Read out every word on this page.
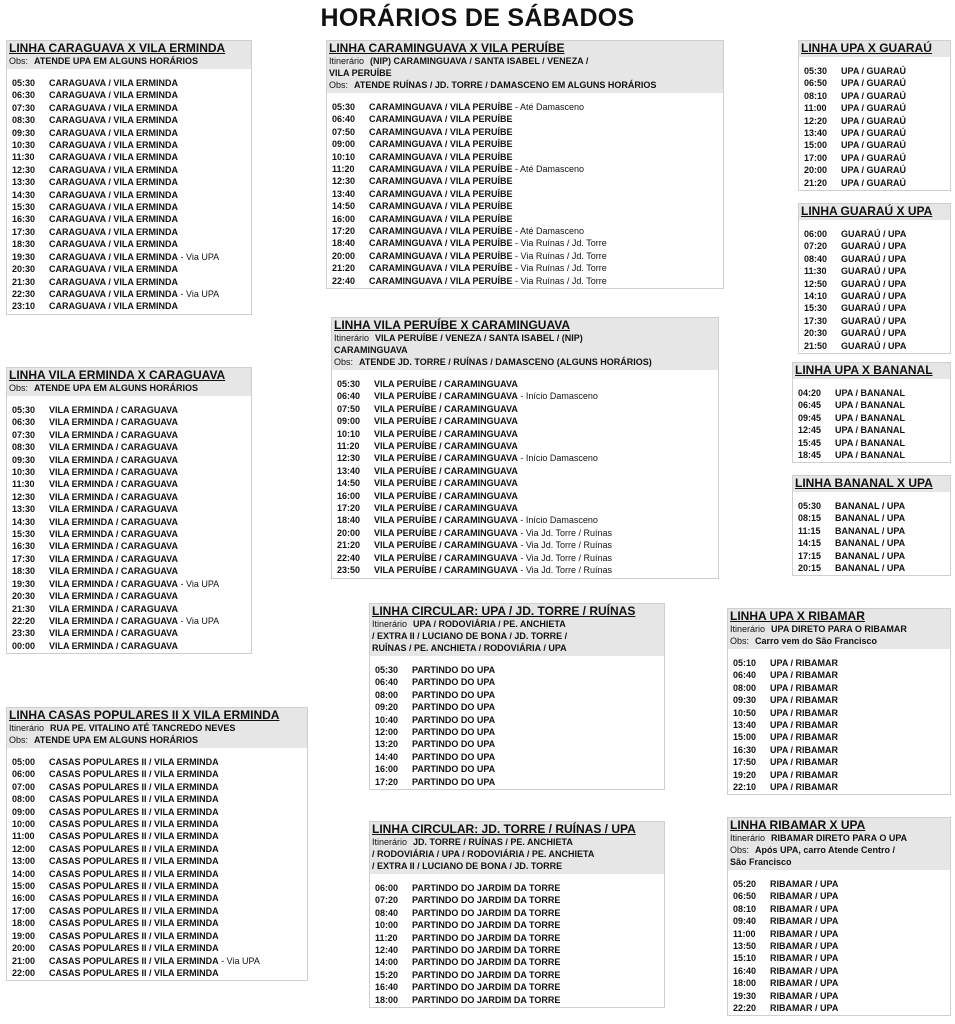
HORÁRIOS DE SÁBADOS
LINHA CARAGUAVA X VILA ERMINDA
Obs: ATENDE UPA EM ALGUNS HORÁRIOS
05:30 CARAGUAVA / VILA ERMINDA
06:30 CARAGUAVA / VILA ERMINDA
07:30 CARAGUAVA / VILA ERMINDA
08:30 CARAGUAVA / VILA ERMINDA
09:30 CARAGUAVA / VILA ERMINDA
10:30 CARAGUAVA / VILA ERMINDA
11:30 CARAGUAVA / VILA ERMINDA
12:30 CARAGUAVA / VILA ERMINDA
13:30 CARAGUAVA / VILA ERMINDA
14:30 CARAGUAVA / VILA ERMINDA
15:30 CARAGUAVA / VILA ERMINDA
16:30 CARAGUAVA / VILA ERMINDA
17:30 CARAGUAVA / VILA ERMINDA
18:30 CARAGUAVA / VILA ERMINDA
19:30 CARAGUAVA / VILA ERMINDA - Via UPA
20:30 CARAGUAVA / VILA ERMINDA
21:30 CARAGUAVA / VILA ERMINDA
22:30 CARAGUAVA / VILA ERMINDA - Via UPA
23:10 CARAGUAVA / VILA ERMINDA
LINHA VILA ERMINDA X CARAGUAVA
Obs: ATENDE UPA EM ALGUNS HORÁRIOS
05:30 VILA ERMINDA / CARAGUAVA
06:30 VILA ERMINDA / CARAGUAVA
07:30 VILA ERMINDA / CARAGUAVA
08:30 VILA ERMINDA / CARAGUAVA
09:30 VILA ERMINDA / CARAGUAVA
10:30 VILA ERMINDA / CARAGUAVA
11:30 VILA ERMINDA / CARAGUAVA
12:30 VILA ERMINDA / CARAGUAVA
13:30 VILA ERMINDA / CARAGUAVA
14:30 VILA ERMINDA / CARAGUAVA
15:30 VILA ERMINDA / CARAGUAVA
16:30 VILA ERMINDA / CARAGUAVA
17:30 VILA ERMINDA / CARAGUAVA
18:30 VILA ERMINDA / CARAGUAVA
19:30 VILA ERMINDA / CARAGUAVA - Via UPA
20:30 VILA ERMINDA / CARAGUAVA
21:30 VILA ERMINDA / CARAGUAVA
22:20 VILA ERMINDA / CARAGUAVA - Via UPA
23:30 VILA ERMINDA / CARAGUAVA
00:00 VILA ERMINDA / CARAGUAVA
LINHA CASAS POPULARES II X VILA ERMINDA
Itinerário RUA PE. VITALINO ATÉ TANCREDO NEVES
Obs: ATENDE UPA EM ALGUNS HORÁRIOS
05:00 CASAS POPULARES II / VILA ERMINDA
06:00 CASAS POPULARES II / VILA ERMINDA
07:00 CASAS POPULARES II / VILA ERMINDA
08:00 CASAS POPULARES II / VILA ERMINDA
09:00 CASAS POPULARES II / VILA ERMINDA
10:00 CASAS POPULARES II / VILA ERMINDA
11:00 CASAS POPULARES II / VILA ERMINDA
12:00 CASAS POPULARES II / VILA ERMINDA
13:00 CASAS POPULARES II / VILA ERMINDA
14:00 CASAS POPULARES II / VILA ERMINDA
15:00 CASAS POPULARES II / VILA ERMINDA
16:00 CASAS POPULARES II / VILA ERMINDA
17:00 CASAS POPULARES II / VILA ERMINDA
18:00 CASAS POPULARES II / VILA ERMINDA
19:00 CASAS POPULARES II / VILA ERMINDA
20:00 CASAS POPULARES II / VILA ERMINDA
21:00 CASAS POPULARES II / VILA ERMINDA - Via UPA
22:00 CASAS POPULARES II / VILA ERMINDA
LINHA CARAMINGUAVA X VILA PERUÍBE
Itinerário (NIP) CARAMINGUAVA / SANTA ISABEL / VENEZA /
VILA PERUÍBE
Obs: ATENDE RUÍNAS / JD. TORRE / DAMASCENO EM ALGUNS HORÁRIOS
05:30 CARAMINGUAVA / VILA PERUÍBE - Até Damasceno
06:40 CARAMINGUAVA / VILA PERUÍBE
07:50 CARAMINGUAVA / VILA PERUÍBE
09:00 CARAMINGUAVA / VILA PERUÍBE
10:10 CARAMINGUAVA / VILA PERUÍBE
11:20 CARAMINGUAVA / VILA PERUÍBE - Até Damasceno
12:30 CARAMINGUAVA / VILA PERUÍBE
13:40 CARAMINGUAVA / VILA PERUÍBE
14:50 CARAMINGUAVA / VILA PERUÍBE
16:00 CARAMINGUAVA / VILA PERUÍBE
17:20 CARAMINGUAVA / VILA PERUÍBE - Até Damasceno
18:40 CARAMINGUAVA / VILA PERUÍBE - Via Ruínas / Jd. Torre
20:00 CARAMINGUAVA / VILA PERUÍBE - Via Ruínas / Jd. Torre
21:20 CARAMINGUAVA / VILA PERUÍBE - Via Ruínas / Jd. Torre
22:40 CARAMINGUAVA / VILA PERUÍBE - Via Ruínas / Jd. Torre
LINHA VILA PERUÍBE X CARAMINGUAVA
Itinerário VILA PERUÍBE / VENEZA / SANTA ISABEL / (NIP)
CARAMINGUAVA
Obs: ATENDE JD. TORRE / RUÍNAS / DAMASCENO (ALGUNS HORÁRIOS)
05:30 VILA PERUÍBE / CARAMINGUAVA
06:40 VILA PERUÍBE / CARAMINGUAVA - Início Damasceno
07:50 VILA PERUÍBE / CARAMINGUAVA
09:00 VILA PERUÍBE / CARAMINGUAVA
10:10 VILA PERUÍBE / CARAMINGUAVA
11:20 VILA PERUÍBE / CARAMINGUAVA
12:30 VILA PERUÍBE / CARAMINGUAVA - Início Damasceno
13:40 VILA PERUÍBE / CARAMINGUAVA
14:50 VILA PERUÍBE / CARAMINGUAVA
16:00 VILA PERUÍBE / CARAMINGUAVA
17:20 VILA PERUÍBE / CARAMINGUAVA
18:40 VILA PERUÍBE / CARAMINGUAVA - Início Damasceno
20:00 VILA PERUÍBE / CARAMINGUAVA - Via Jd. Torre / Ruínas
21:20 VILA PERUÍBE / CARAMINGUAVA - Via Jd. Torre / Ruínas
22:40 VILA PERUÍBE / CARAMINGUAVA - Via Jd. Torre / Ruínas
23:50 VILA PERUÍBE / CARAMINGUAVA - Via Jd. Torre / Ruínas
LINHA CIRCULAR: UPA / JD. TORRE / RUÍNAS
Itinerário UPA / RODOVIÁRIA / PE. ANCHIETA
/ EXTRA II / LUCIANO DE BONA / JD. TORRE /
RUÍNAS / PE. ANCHIETA / RODOVIÁRIA / UPA
05:30 PARTINDO DO UPA
06:40 PARTINDO DO UPA
08:00 PARTINDO DO UPA
09:20 PARTINDO DO UPA
10:40 PARTINDO DO UPA
12:00 PARTINDO DO UPA
13:20 PARTINDO DO UPA
14:40 PARTINDO DO UPA
16:00 PARTINDO DO UPA
17:20 PARTINDO DO UPA
LINHA CIRCULAR: JD. TORRE / RUÍNAS / UPA
Itinerário JD. TORRE / RUÍNAS / PE. ANCHIETA
/ RODOVIÁRIA / UPA / RODOVIÁRIA / PE. ANCHIETA
/ EXTRA II / LUCIANO DE BONA / JD. TORRE
06:00 PARTINDO DO JARDIM DA TORRE
07:20 PARTINDO DO JARDIM DA TORRE
08:40 PARTINDO DO JARDIM DA TORRE
10:00 PARTINDO DO JARDIM DA TORRE
11:20 PARTINDO DO JARDIM DA TORRE
12:40 PARTINDO DO JARDIM DA TORRE
14:00 PARTINDO DO JARDIM DA TORRE
15:20 PARTINDO DO JARDIM DA TORRE
16:40 PARTINDO DO JARDIM DA TORRE
18:00 PARTINDO DO JARDIM DA TORRE
LINHA UPA X GUARAÚ
05:30 UPA / GUARAÚ
06:50 UPA / GUARAÚ
08:10 UPA / GUARAÚ
11:00 UPA / GUARAÚ
12:20 UPA / GUARAÚ
13:40 UPA / GUARAÚ
15:00 UPA / GUARAÚ
17:00 UPA / GUARAÚ
20:00 UPA / GUARAÚ
21:20 UPA / GUARAÚ
LINHA GUARAÚ X UPA
06:00 GUARAÚ / UPA
07:20 GUARAÚ / UPA
08:40 GUARAÚ / UPA
11:30 GUARAÚ / UPA
12:50 GUARAÚ / UPA
14:10 GUARAÚ / UPA
15:30 GUARAÚ / UPA
17:30 GUARAÚ / UPA
20:30 GUARAÚ / UPA
21:50 GUARAÚ / UPA
LINHA UPA X BANANAL
04:20 UPA / BANANAL
06:45 UPA / BANANAL
09:45 UPA / BANANAL
12:45 UPA / BANANAL
15:45 UPA / BANANAL
18:45 UPA / BANANAL
LINHA BANANAL X UPA
05:30 BANANAL / UPA
08:15 BANANAL / UPA
11:15 BANANAL / UPA
14:15 BANANAL / UPA
17:15 BANANAL / UPA
20:15 BANANAL / UPA
LINHA UPA X RIBAMAR
Itinerário UPA DIRETO PARA O RIBAMAR
Obs: Carro vem do São Francisco
05:10 UPA / RIBAMAR
06:40 UPA / RIBAMAR
08:00 UPA / RIBAMAR
09:30 UPA / RIBAMAR
10:50 UPA / RIBAMAR
13:40 UPA / RIBAMAR
15:00 UPA / RIBAMAR
16:30 UPA / RIBAMAR
17:50 UPA / RIBAMAR
19:20 UPA / RIBAMAR
22:10 UPA / RIBAMAR
LINHA RIBAMAR X UPA
Itinerário RIBAMAR DIRETO PARA O UPA
Obs: Após UPA, carro Atende Centro /
São Francisco
05:20 RIBAMAR / UPA
06:50 RIBAMAR / UPA
08:10 RIBAMAR / UPA
09:40 RIBAMAR / UPA
11:00 RIBAMAR / UPA
13:50 RIBAMAR / UPA
15:10 RIBAMAR / UPA
16:40 RIBAMAR / UPA
18:00 RIBAMAR / UPA
19:30 RIBAMAR / UPA
22:20 RIBAMAR / UPA
